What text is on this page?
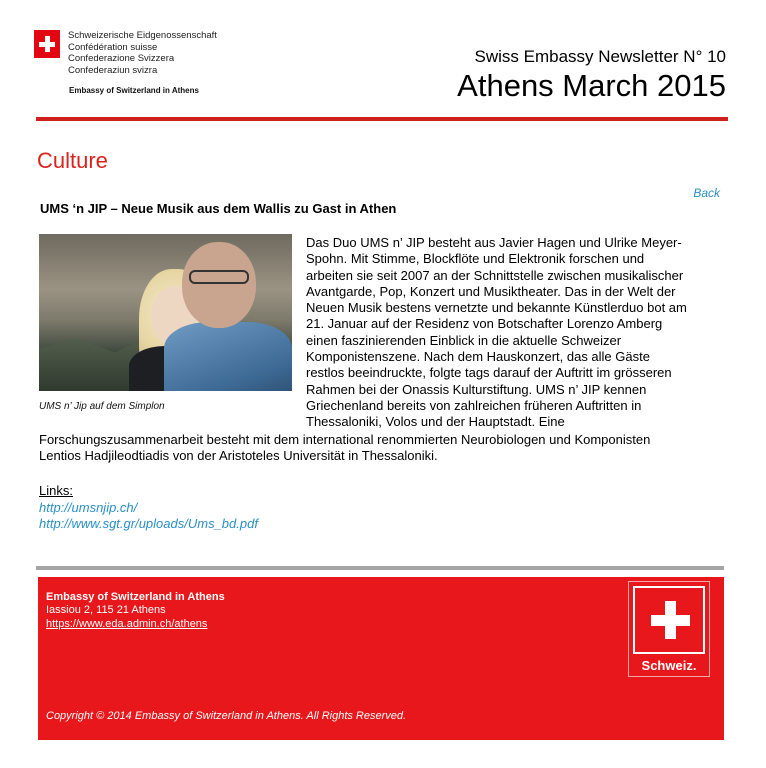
Schweizerische Eidgenossenschaft
Confédération suisse
Confederazione Svizzera
Confederaziun svizra
Embassy of Switzerland in Athens
Swiss Embassy Newsletter N° 10
Athens March 2015
Culture
Back
UMS ‘n JIP – Neue Musik aus dem Wallis zu Gast in Athen
UMS n’ Jip auf dem Simplon
Das Duo UMS n’ JIP besteht aus Javier Hagen und Ulrike Meyer-
Spohn. Mit Stimme, Blockflöte und Elektronik forschen und
arbeiten sie seit 2007 an der Schnittstelle zwischen musikalischer
Avantgarde, Pop, Konzert und Musiktheater. Das in der Welt der
Neuen Musik bestens vernetzte und bekannte Künstlerduo bot am
21. Januar auf der Residenz von Botschafter Lorenzo Amberg
einen faszinierenden Einblick in die aktuelle Schweizer
Komponistenszene. Nach dem Hauskonzert, das alle Gäste
restlos beeindruckte, folgte tags darauf der Auftritt im grösseren
Rahmen bei der Onassis Kulturstiftung. UMS n’ JIP kennen
Griechenland bereits von zahlreichen früheren Auftritten in
Thessaloniki, Volos und der Hauptstadt. Eine
Forschungszusammenarbeit besteht mit dem international renommierten Neurobiologen und Komponisten
Lentios Hadjileodtiadis von der Aristoteles Universität in Thessaloniki.
Links:
http://umsnjip.ch/
http://www.sgt.gr/uploads/Ums_bd.pdf
Embassy of Switzerland in Athens
Iassiou 2, 115 21 Athens
https://www.eda.admin.ch/athens
Copyright © 2014 Embassy of Switzerland in Athens. All Rights Reserved.
Schweiz.
